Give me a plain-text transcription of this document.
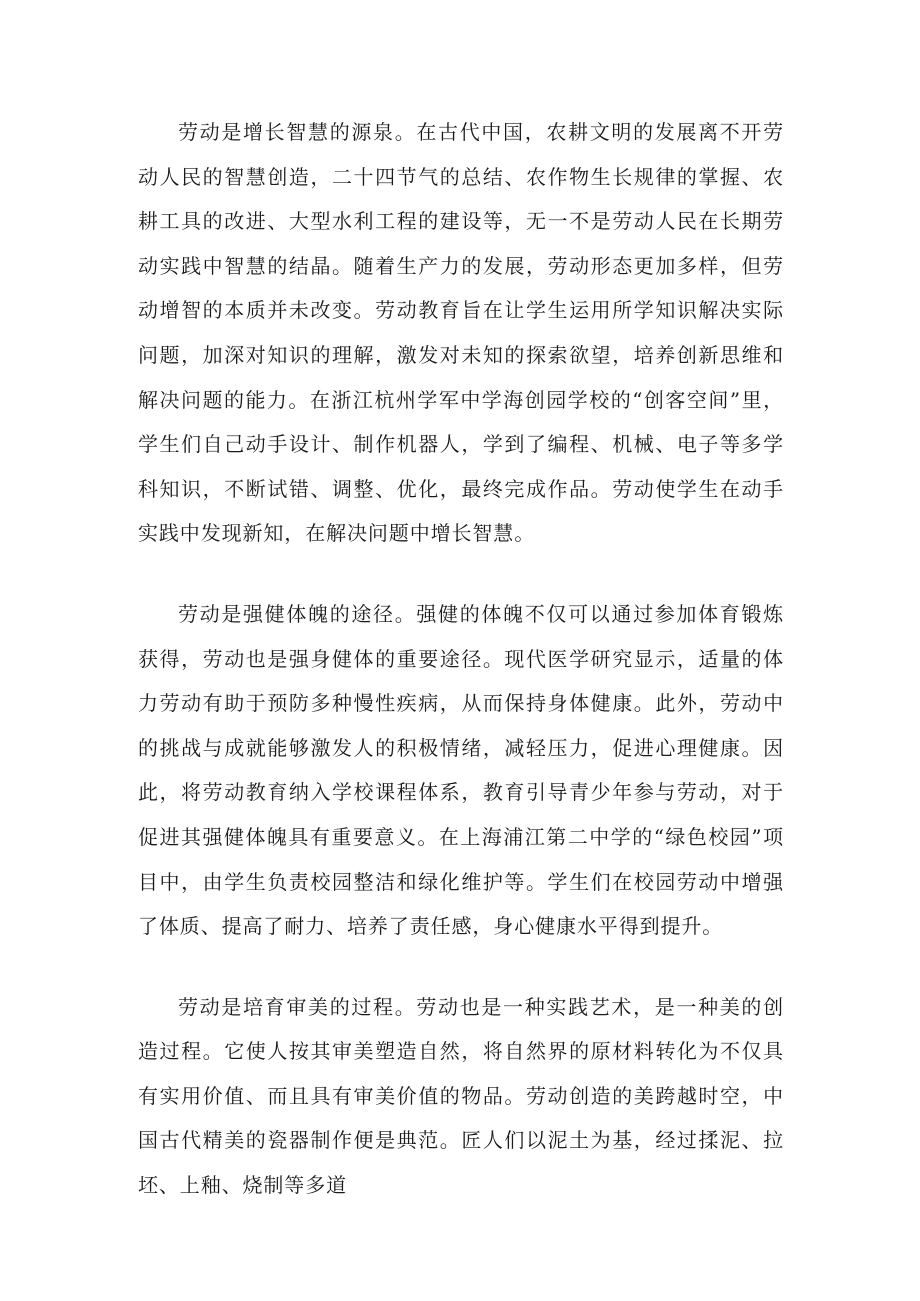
劳动是增长智慧的源泉。在古代中国，农耕文明的发展离不开劳动人民的智慧创造，二十四节气的总结、农作物生长规律的掌握、农耕工具的改进、大型水利工程的建设等，无一不是劳动人民在长期劳动实践中智慧的结晶。随着生产力的发展，劳动形态更加多样，但劳动增智的本质并未改变。劳动教育旨在让学生运用所学知识解决实际问题，加深对知识的理解，激发对未知的探索欲望，培养创新思维和解决问题的能力。在浙江杭州学军中学海创园学校的“创客空间”里，学生们自己动手设计、制作机器人，学到了编程、机械、电子等多学科知识，不断试错、调整、优化，最终完成作品。劳动使学生在动手实践中发现新知，在解决问题中增长智慧。

劳动是强健体魄的途径。强健的体魄不仅可以通过参加体育锻炼获得，劳动也是强身健体的重要途径。现代医学研究显示，适量的体力劳动有助于预防多种慢性疾病，从而保持身体健康。此外，劳动中的挑战与成就能够激发人的积极情绪，减轻压力，促进心理健康。因此，将劳动教育纳入学校课程体系，教育引导青少年参与劳动，对于促进其强健体魄具有重要意义。在上海浦江第二中学的“绿色校园”项目中，由学生负责校园整洁和绿化维护等。学生们在校园劳动中增强了体质、提高了耐力、培养了责任感，身心健康水平得到提升。

劳动是培育审美的过程。劳动也是一种实践艺术，是一种美的创造过程。它使人按其审美塑造自然，将自然界的原材料转化为不仅具有实用价值、而且具有审美价值的物品。劳动创造的美跨越时空，中国古代精美的瓷器制作便是典范。匠人们以泥土为基，经过揉泥、拉坯、上釉、烧制等多道
